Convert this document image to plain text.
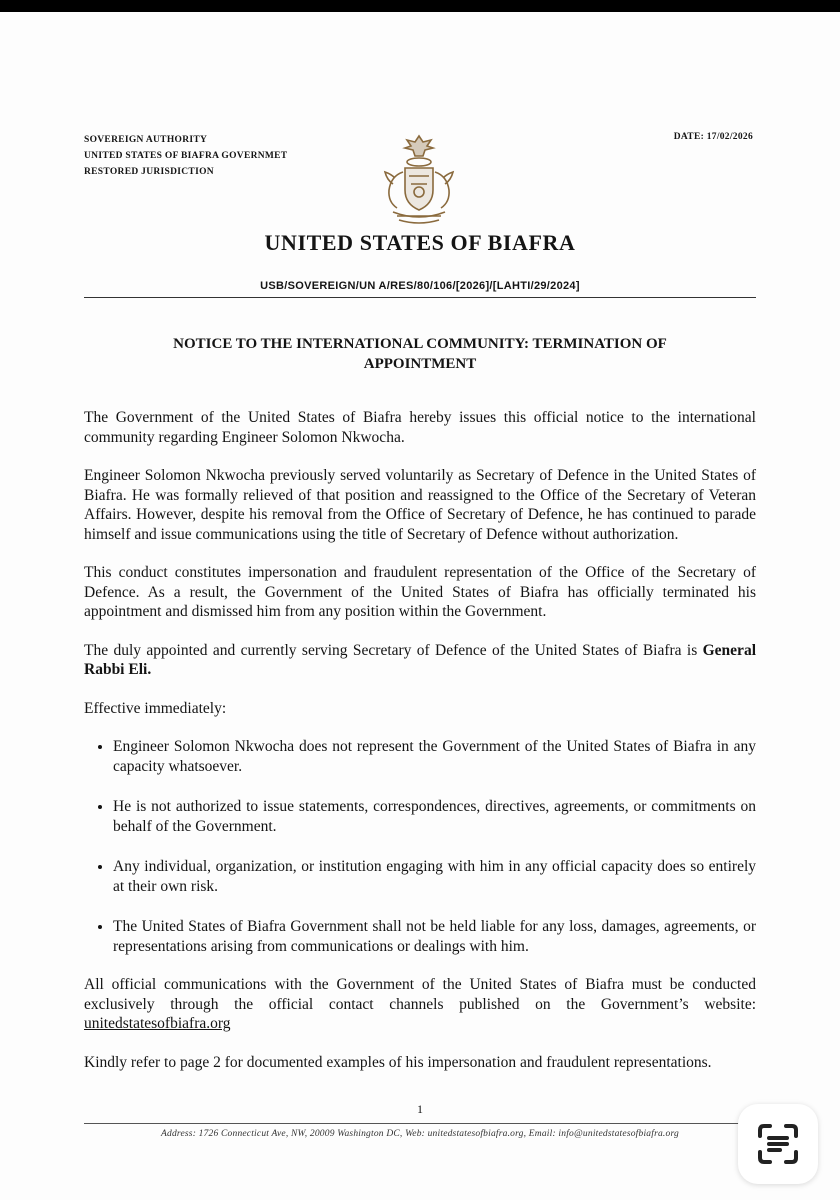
SOVEREIGN AUTHORITY
UNITED STATES OF BIAFRA GOVERNMET
RESTORED JURISDICTION
DATE: 17/02/2026
UNITED STATES OF BIAFRA
USB/SOVEREIGN/UN A/RES/80/106/[2026]/[LAHTI/29/2024]
NOTICE TO THE INTERNATIONAL COMMUNITY: TERMINATION OF APPOINTMENT

The Government of the United States of Biafra hereby issues this official notice to the international community regarding Engineer Solomon Nkwocha.

Engineer Solomon Nkwocha previously served voluntarily as Secretary of Defence in the United States of Biafra. He was formally relieved of that position and reassigned to the Office of the Secretary of Veteran Affairs. However, despite his removal from the Office of Secretary of Defence, he has continued to parade himself and issue communications using the title of Secretary of Defence without authorization.

This conduct constitutes impersonation and fraudulent representation of the Office of the Secretary of Defence. As a result, the Government of the United States of Biafra has officially terminated his appointment and dismissed him from any position within the Government.

The duly appointed and currently serving Secretary of Defence of the United States of Biafra is General Rabbi Eli.

Effective immediately:

• Engineer Solomon Nkwocha does not represent the Government of the United States of Biafra in any capacity whatsoever.
• He is not authorized to issue statements, correspondences, directives, agreements, or commitments on behalf of the Government.
• Any individual, organization, or institution engaging with him in any official capacity does so entirely at their own risk.
• The United States of Biafra Government shall not be held liable for any loss, damages, agreements, or representations arising from communications or dealings with him.

All official communications with the Government of the United States of Biafra must be conducted exclusively through the official contact channels published on the Government’s website: unitedstatesofbiafra.org

Kindly refer to page 2 for documented examples of his impersonation and fraudulent representations.

1
Address: 1726 Connecticut Ave, NW, 20009 Washington DC, Web: unitedstatesofbiafra.org, Email: info@unitedstatesofbiafra.org
